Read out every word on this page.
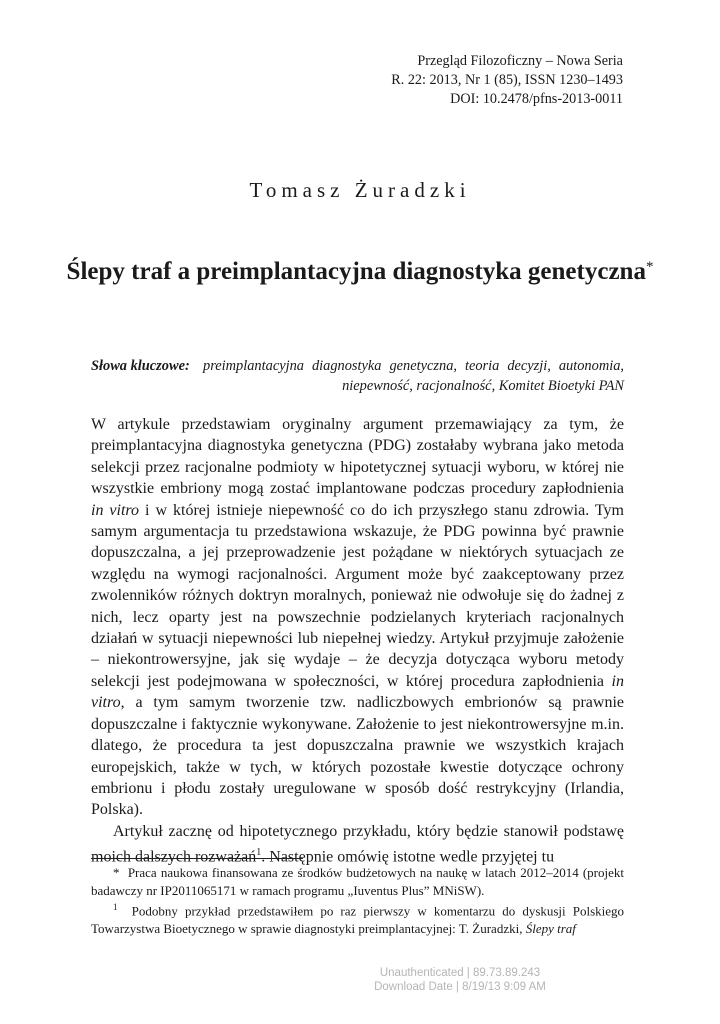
Przegląd Filozoficzny – Nowa Seria
R. 22: 2013, Nr 1 (85), ISSN 1230–1493
DOI: 10.2478/pfns-2013-0011
Tomasz Żuradzki
Ślepy traf a preimplantacyjna diagnostyka genetyczna*
Słowa kluczowe: preimplantacyjna diagnostyka genetyczna, teoria decyzji, autonomia, niepewność, racjonalność, Komitet Bioetyki PAN

W artykule przedstawiam oryginalny argument przemawiający za tym, że preimplantacyjna diagnostyka genetyczna (PDG) zostałaby wybrana jako metoda selekcji przez racjonalne podmioty w hipotetycznej sytuacji wyboru, w której nie wszystkie embriony mogą zostać implantowane podczas procedury zapłodnienia in vitro i w której istnieje niepewność co do ich przyszłego stanu zdrowia. Tym samym argumentacja tu przedstawiona wskazuje, że PDG powinna być prawnie dopuszczalna, a jej przeprowadzenie jest pożądane w niektórych sytuacjach ze względu na wymogi racjonalności. Argument może być zaakceptowany przez zwolenników różnych doktryn moralnych, ponieważ nie odwołuje się do żadnej z nich, lecz oparty jest na powszechnie podzielanych kryteriach racjonalnych działań w sytuacji niepewności lub niepełnej wiedzy. Artykuł przyjmuje założenie – niekontrowersyjne, jak się wydaje – że decyzja dotycząca wyboru metody selekcji jest podejmowana w społeczności, w której procedura zapłodnienia in vitro, a tym samym tworzenie tzw. nadliczbowych embrionów są prawnie dopuszczalne i faktycznie wykonywane. Założenie to jest niekontrowersyjne m.in. dlatego, że procedura ta jest dopuszczalna prawnie we wszystkich krajach europejskich, także w tych, w których pozostałe kwestie dotyczące ochrony embrionu i płodu zostały uregulowane w sposób dość restrykcyjny (Irlandia, Polska).

Artykuł zacznę od hipotetycznego przykładu, który będzie stanowił podstawę moich dalszych rozważań$^1$. Następnie omówię istotne wedle przyjętej tu

* Praca naukowa finansowana ze środków budżetowych na naukę w latach 2012–2014 (projekt badawczy nr IP2011065171 w ramach programu „Iuventus Plus” MNiSW).

$^1$ Podobny przykład przedstawiłem po raz pierwszy w komentarzu do dyskusji Polskiego Towarzystwa Bioetycznego w sprawie diagnostyki preimplantacyjnej: T. Żuradzki, Ślepy traf

Unauthenticated | 89.73.89.243
Download Date | 8/19/13 9:09 AM
